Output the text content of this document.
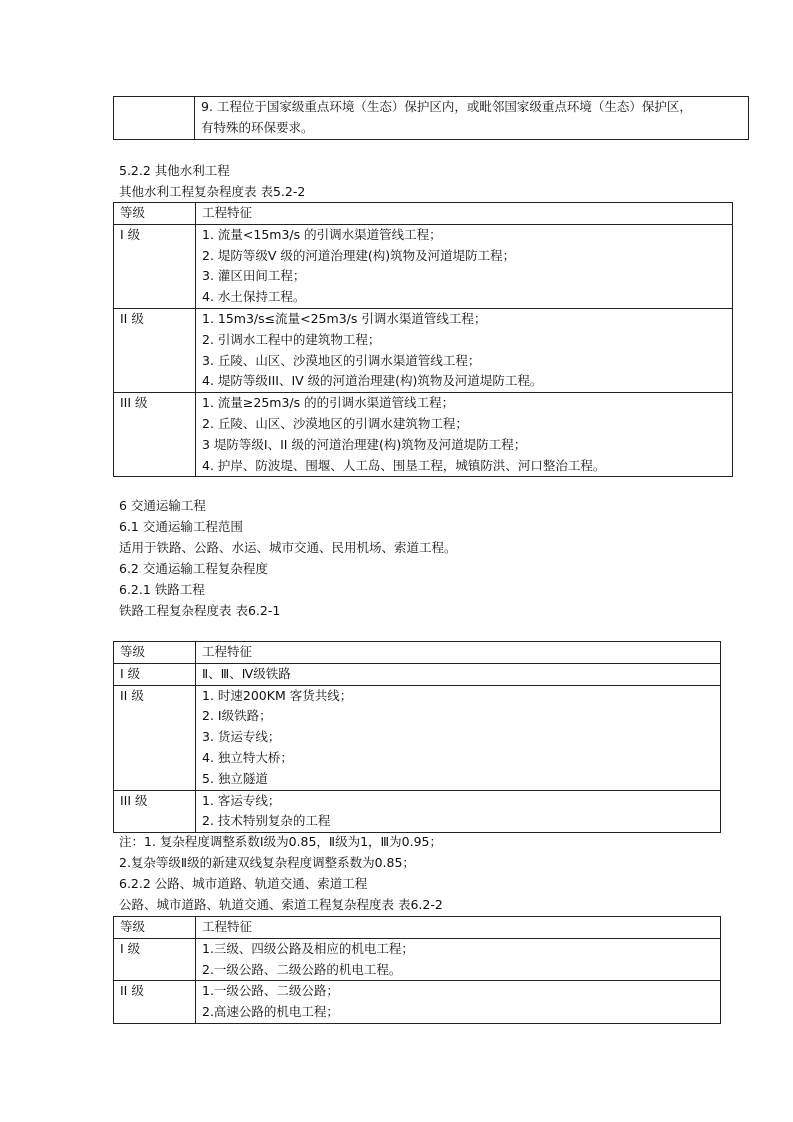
9. 工程位于国家级重点环境（生态）保护区内，或毗邻国家级重点环境（生态）保护区，
有特殊的环保要求。
5.2.2 其他水利工程
其他水利工程复杂程度表 表5.2-2
等级	工程特征
I 级	1. 流量<15m3/s 的引调水渠道管线工程；
2. 堤防等级V 级的河道治理建(构)筑物及河道堤防工程；
3. 灌区田间工程；
4. 水土保持工程。

II 级	1. 15m3/s≤流量<25m3/s 引调水渠道管线工程；
2. 引调水工程中的建筑物工程；
3. 丘陵、山区、沙漠地区的引调水渠道管线工程；
4. 堤防等级III、IV 级的河道治理建(构)筑物及河道堤防工程。

III 级	1. 流量≥25m3/s 的的引调水渠道管线工程；
2. 丘陵、山区、沙漠地区的引调水建筑物工程；
3 堤防等级I、II 级的河道治理建(构)筑物及河道堤防工程；
4. 护岸、防波堤、围堰、人工岛、围垦工程，城镇防洪、河口整治工程。
6 交通运输工程
6.1 交通运输工程范围
适用于铁路、公路、水运、城市交通、民用机场、索道工程。
6.2 交通运输工程复杂程度
6.2.1 铁路工程
铁路工程复杂程度表 表6.2-1
等级	工程特征
I 级	Ⅱ、Ⅲ、Ⅳ级铁路

II 级	1. 时速200KM 客货共线；
2. Ⅰ级铁路；
3. 货运专线；
4. 独立特大桥；
5. 独立隧道

III 级	1. 客运专线；
2. 技术特别复杂的工程
注：1. 复杂程度调整系数Ⅰ级为0.85，Ⅱ级为1，Ⅲ为0.95；
2.复杂等级Ⅱ级的新建双线复杂程度调整系数为0.85；
6.2.2 公路、城市道路、轨道交通、索道工程
公路、城市道路、轨道交通、索道工程复杂程度表 表6.2-2
等级	工程特征
I 级	1.三级、四级公路及相应的机电工程；
2.一级公路、二级公路的机电工程。

II 级	1.一级公路、二级公路；
2.高速公路的机电工程；
